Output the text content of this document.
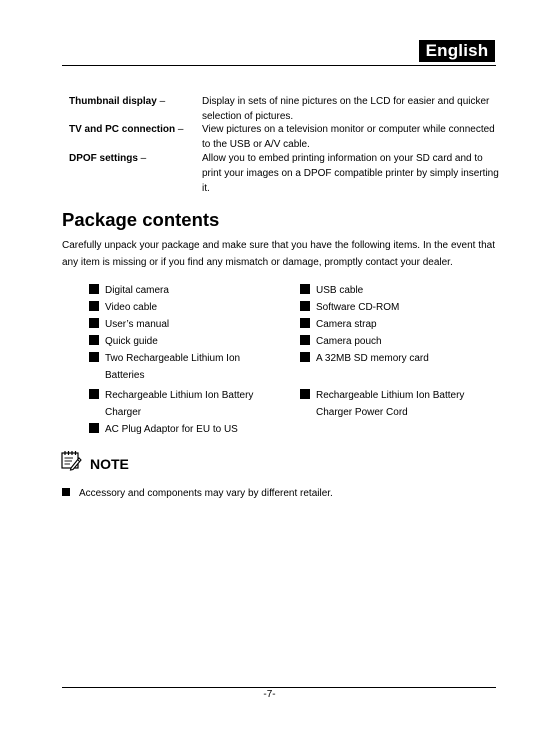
English
Thumbnail display –	Display in sets of nine pictures on the LCD for easier and quicker selection of pictures.
TV and PC connection – View pictures on a television monitor or computer while connected to the USB or A/V cable.
DPOF settings –	Allow you to embed printing information on your SD card and to print your images on a DPOF compatible printer by simply inserting it.
Package contents
Carefully unpack your package and make sure that you have the following items. In the event that any item is missing or if you find any mismatch or damage, promptly contact your dealer.
Digital camera
Video cable
User’s manual
Quick guide
Two Rechargeable Lithium Ion Batteries
Rechargeable Lithium Ion Battery Charger
AC Plug Adaptor for EU to US
USB cable
Software CD-ROM
Camera strap
Camera pouch
A 32MB SD memory card
Rechargeable Lithium Ion Battery Charger Power Cord
NOTE
Accessory and components may vary by different retailer.
-7-
